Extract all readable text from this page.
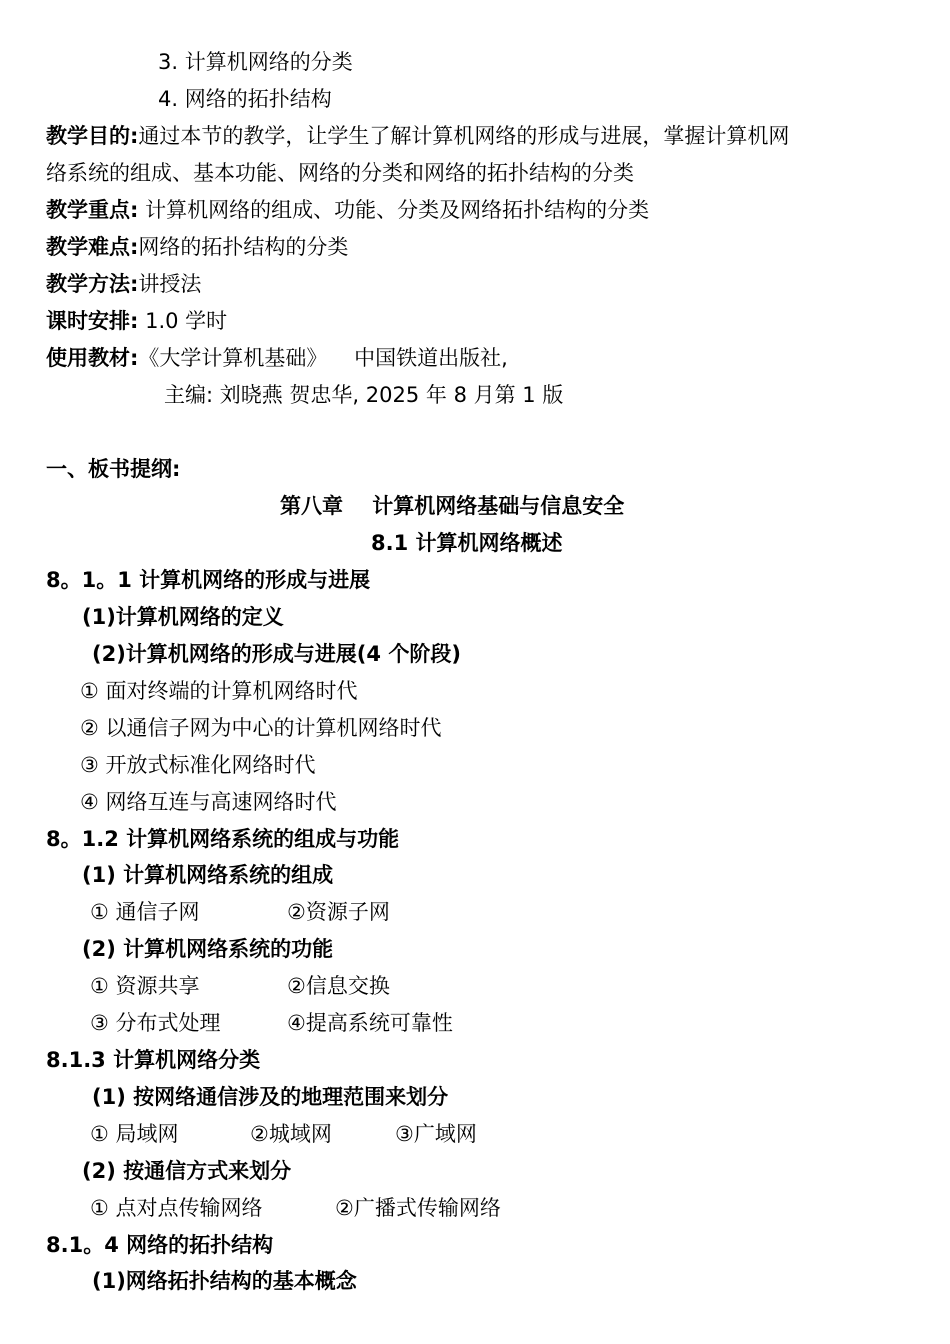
3. 计算机网络的分类
4. 网络的拓扑结构
教学目的:通过本节的教学，让学生了解计算机网络的形成与进展，掌握计算机网
络系统的组成、基本功能、网络的分类和网络的拓扑结构的分类
教学重点: 计算机网络的组成、功能、分类及网络拓扑结构的分类
教学难点:网络的拓扑结构的分类
教学方法:讲授法
课时安排: 1.0 学时
使用教材:《大学计算机基础》    中国铁道出版社,
主编: 刘晓燕 贺忠华, 2025 年 8 月第 1 版
一、板书提纲:
第八章    计算机网络基础与信息安全
8.1 计算机网络概述
8。1。1 计算机网络的形成与进展
(1)计算机网络的定义
(2)计算机网络的形成与进展(4 个阶段)
① 面对终端的计算机网络时代
② 以通信子网为中心的计算机网络时代
③ 开放式标准化网络时代
④ 网络互连与高速网络时代
8。1.2 计算机网络系统的组成与功能
(1) 计算机网络系统的组成
① 通信子网	②资源子网
(2) 计算机网络系统的功能
① 资源共享	②信息交换
③ 分布式处理	④提高系统可靠性
8.1.3 计算机网络分类
(1) 按网络通信涉及的地理范围来划分
① 局域网	②城域网	③广域网
(2) 按通信方式来划分
① 点对点传输网络	②广播式传输网络
8.1。4 网络的拓扑结构
(1)网络拓扑结构的基本概念
